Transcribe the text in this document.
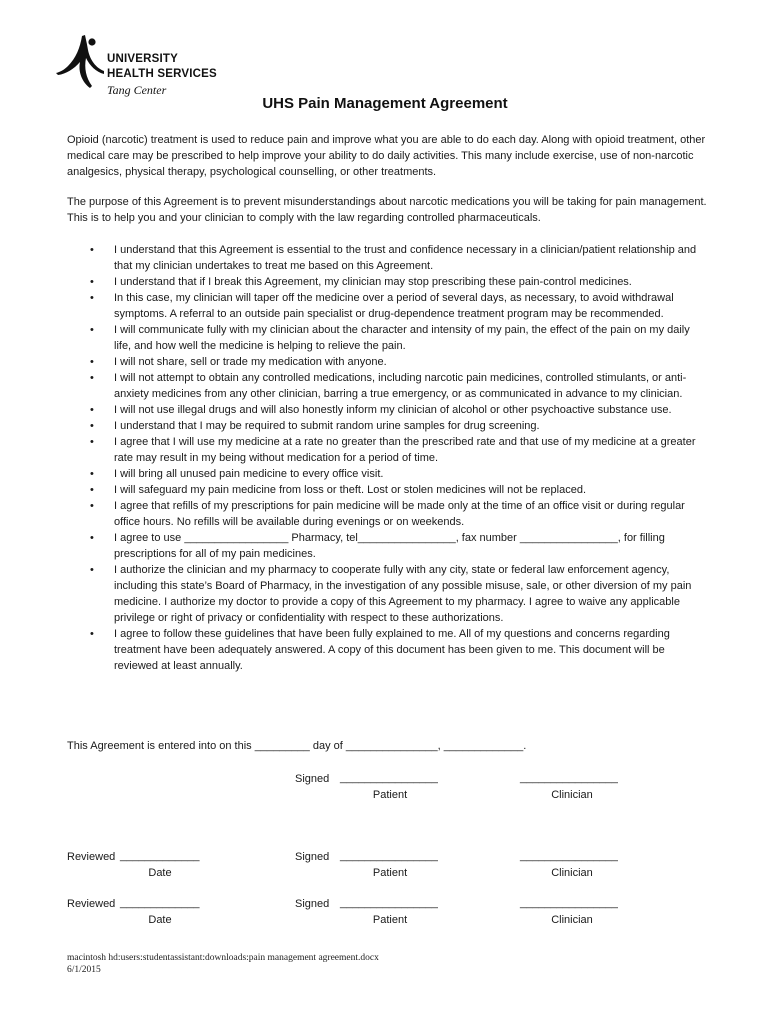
UNIVERSITY
HEALTH SERVICES
Tang Center
UHS Pain Management Agreement
Opioid (narcotic) treatment is used to reduce pain and improve what you are able to do each day. Along with opioid treatment, other medical care may be prescribed to help improve your ability to do daily activities. This many include exercise, use of non-narcotic analgesics, physical therapy, psychological counselling, or other treatments.
The purpose of this Agreement is to prevent misunderstandings about narcotic medications you will be taking for pain management. This is to help you and your clinician to comply with the law regarding controlled pharmaceuticals.
• I understand that this Agreement is essential to the trust and confidence necessary in a clinician/patient relationship and that my clinician undertakes to treat me based on this Agreement.
• I understand that if I break this Agreement, my clinician may stop prescribing these pain-control medicines.
• In this case, my clinician will taper off the medicine over a period of several days, as necessary, to avoid withdrawal symptoms. A referral to an outside pain specialist or drug-dependence treatment program may be recommended.
• I will communicate fully with my clinician about the character and intensity of my pain, the effect of the pain on my daily life, and how well the medicine is helping to relieve the pain.
• I will not share, sell or trade my medication with anyone.
• I will not attempt to obtain any controlled medications, including narcotic pain medicines, controlled stimulants, or anti-anxiety medicines from any other clinician, barring a true emergency, or as communicated in advance to my clinician.
• I will not use illegal drugs and will also honestly inform my clinician of alcohol or other psychoactive substance use.
• I understand that I may be required to submit random urine samples for drug screening.
• I agree that I will use my medicine at a rate no greater than the prescribed rate and that use of my medicine at a greater rate may result in my being without medication for a period of time.
• I will bring all unused pain medicine to every office visit.
• I will safeguard my pain medicine from loss or theft. Lost or stolen medicines will not be replaced.
• I agree that refills of my prescriptions for pain medicine will be made only at the time of an office visit or during regular office hours. No refills will be available during evenings or on weekends.
• I agree to use _________________ Pharmacy, tel________________, fax number ________________, for filling prescriptions for all of my pain medicines.
• I authorize the clinician and my pharmacy to cooperate fully with any city, state or federal law enforcement agency, including this state’s Board of Pharmacy, in the investigation of any possible misuse, sale, or other diversion of my pain medicine. I authorize my doctor to provide a copy of this Agreement to my pharmacy. I agree to waive any applicable privilege or right of privacy or confidentiality with respect to these authorizations.
• I agree to follow these guidelines that have been fully explained to me. All of my questions and concerns regarding treatment have been adequately answered. A copy of this document has been given to me. This document will be reviewed at least annually.
This Agreement is entered into on this _________ day of _______________, _____________.
Signed ________________	________________
Patient	Clinician
Reviewed _____________
Date
Signed ________________	________________
Patient	Clinician
Reviewed _____________
Date
Signed ________________	________________
Patient	Clinician
macintosh hd:users:studentassistant:downloads:pain management agreement.docx
6/1/2015
